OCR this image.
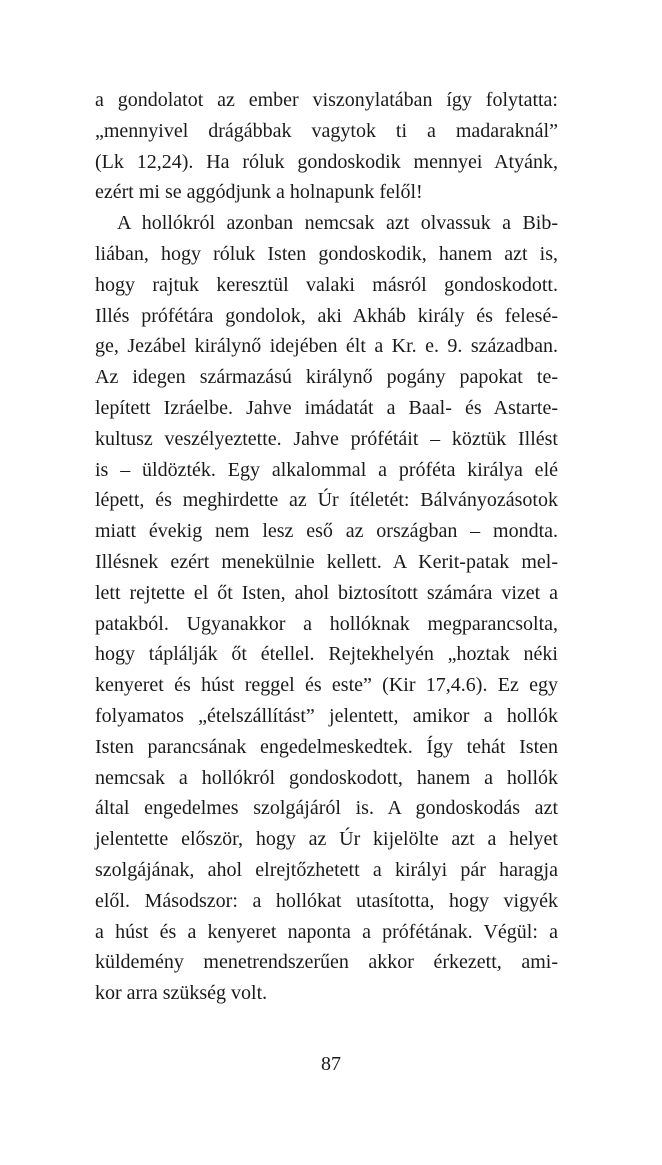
a gondolatot az ember viszonylatában így folytatta:
„mennyivel drágábbak vagytok ti a madaraknál”
(Lk 12,24). Ha róluk gondoskodik mennyei Atyánk,
ezért mi se aggódjunk a holnapunk felől!
A hollókról azonban nemcsak azt olvassuk a Bib-
liában, hogy róluk Isten gondoskodik, hanem azt is,
hogy rajtuk keresztül valaki másról gondoskodott.
Illés prófétára gondolok, aki Akháb király és felesé-
ge, Jezábel királynő idejében élt a Kr. e. 9. században.
Az idegen származású királynő pogány papokat te-
lepített Izráelbe. Jahve imádatát a Baal- és Astarte-
kultusz veszélyeztette. Jahve prófétáit – köztük Illést
is – üldözték. Egy alkalommal a próféta királya elé
lépett, és meghirdette az Úr ítéletét: Bálványozásotok
miatt évekig nem lesz eső az országban – mondta.
Illésnek ezért menekülnie kellett. A Kerit-patak mel-
lett rejtette el őt Isten, ahol biztosított számára vizet a
patakból. Ugyanakkor a hollóknak megparancsolta,
hogy táplálják őt étellel. Rejtekhelyén „hoztak néki
kenyeret és húst reggel és este” (Kir 17,4.6). Ez egy
folyamatos „ételszállítást” jelentett, amikor a hollók
Isten parancsának engedelmeskedtek. Így tehát Isten
nemcsak a hollókról gondoskodott, hanem a hollók
által engedelmes szolgájáról is. A gondoskodás azt
jelentette először, hogy az Úr kijelölte azt a helyet
szolgájának, ahol elrejtőzhetett a királyi pár haragja
elől. Másodszor: a hollókat utasította, hogy vigyék
a húst és a kenyeret naponta a prófétának. Végül: a
küldemény menetrendszerűen akkor érkezett, ami-
kor arra szükség volt.
87
